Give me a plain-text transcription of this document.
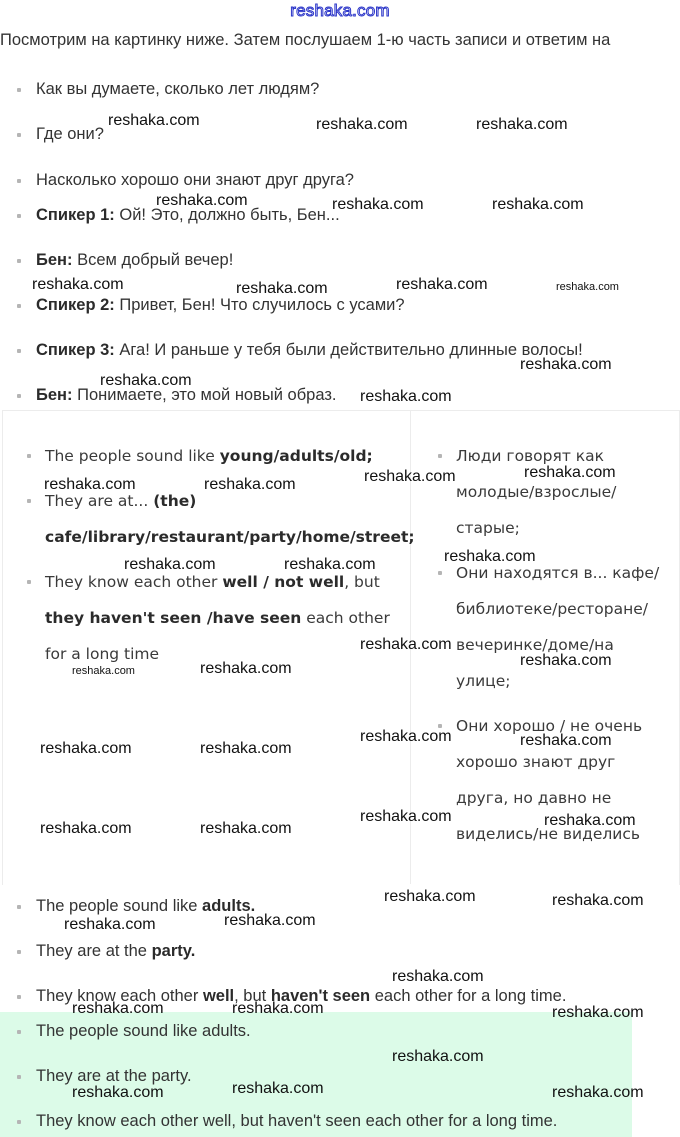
reshaka.com
Посмотрим на картинку ниже. Затем послушаем 1-ю часть записи и ответим на
Как вы думаете, сколько лет людям?
Где они?
Насколько хорошо они знают друг друга?
Спикер 1: Ой! Это, должно быть, Бен...
Бен: Всем добрый вечер!
Спикер 2: Привет, Бен! Что случилось с усами?
Спикер 3: Ага! И раньше у тебя были действительно длинные волосы!
Бен: Понимаете, это мой новый образ.
The people sound like young/adults/old;
They are at... (the)
cafe/library/restaurant/party/home/street;
They know each other well / not well, but
they haven't seen /have seen each other
for a long time
Люди говорят как
молодые/взрослые/
старые;
Они находятся в... кафе/
библиотеке/ресторане/
вечеринке/доме/на
улице;
Они хорошо / не очень
хорошо знают друг
друга, но давно не
виделись/не виделись
The people sound like adults.
They are at the party.
They know each other well, but haven't seen each other for a long time.
The people sound like adults.
They are at the party.
They know each other well, but haven't seen each other for a long time.
reshaka.com	reshaka.com	reshaka.com
reshaka.com	reshaka.com	reshaka.com
reshaka.com	reshaka.com	reshaka.com	reshaka.com
reshaka.com
reshaka.com
reshaka.com
reshaka.com
reshaka.com
reshaka.com	reshaka.com
reshaka.com
reshaka.com	reshaka.com
reshaka.com
reshaka.com
reshaka.com	reshaka.com
reshaka.com	reshaka.com
reshaka.com	reshaka.com
reshaka.com	reshaka.com
reshaka.com	reshaka.com
reshaka.com	reshaka.com
reshaka.com	reshaka.com
reshaka.com
reshaka.com	reshaka.com	reshaka.com
reshaka.com
reshaka.com	reshaka.com	reshaka.com
